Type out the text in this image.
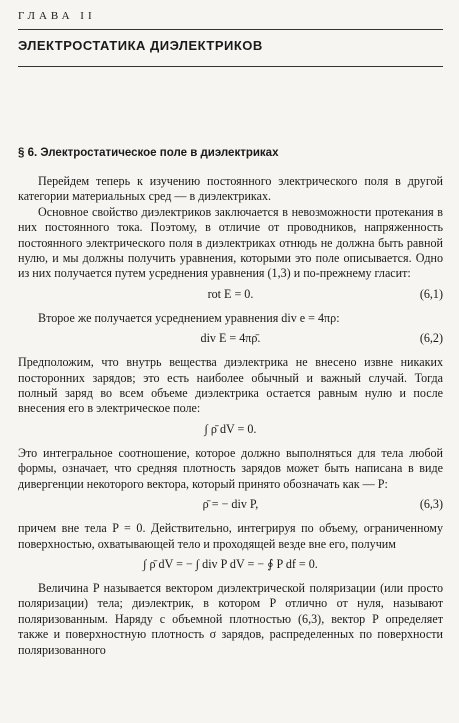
ГЛАВА II
ЭЛЕКТРОСТАТИКА ДИЭЛЕКТРИКОВ
§ 6. Электростатическое поле в диэлектриках

Перейдем теперь к изучению постоянного электрического поля в другой категории материальных сред — в диэлектриках.

Основное свойство диэлектриков заключается в невозможности протекания в них постоянного тока. Поэтому, в отличие от проводников, напряженность постоянного электрического поля в диэлектриках отнюдь не должна быть равной нулю, и мы должны получить уравнения, которыми это поле описывается. Одно из них получается путем усреднения уравнения (1,3) и по-прежнему гласит:

rot E = 0.	(6,1)

Второе же получается усреднением уравнения div e = 4πρ:

div E = 4πρ̄.	(6,2)

Предположим, что внутрь вещества диэлектрика не внесено извне никаких посторонних зарядов; это есть наиболее обычный и важный случай. Тогда полный заряд во всем объеме диэлектрика остается равным нулю и после внесения его в электрическое поле:

∫ ρ̄ dV = 0.

Это интегральное соотношение, которое должно выполняться для тела любой формы, означает, что средняя плотность зарядов может быть написана в виде дивергенции некоторого вектора, который принято обозначать как — P:

ρ̄ = − div P,	(6,3)

причем вне тела P = 0. Действительно, интегрируя по объему, ограниченному поверхностью, охватывающей тело и проходящей везде вне его, получим

∫ ρ̄ dV = − ∫ div P dV = − ∮ P df = 0.

Величина P называется вектором диэлектрической поляризации (или просто поляризации) тела; диэлектрик, в котором P отлично от нуля, называют поляризованным. Наряду с объемной плотностью (6,3), вектор P определяет также и поверхностную плотность σ зарядов, распределенных по поверхности поляризованного
